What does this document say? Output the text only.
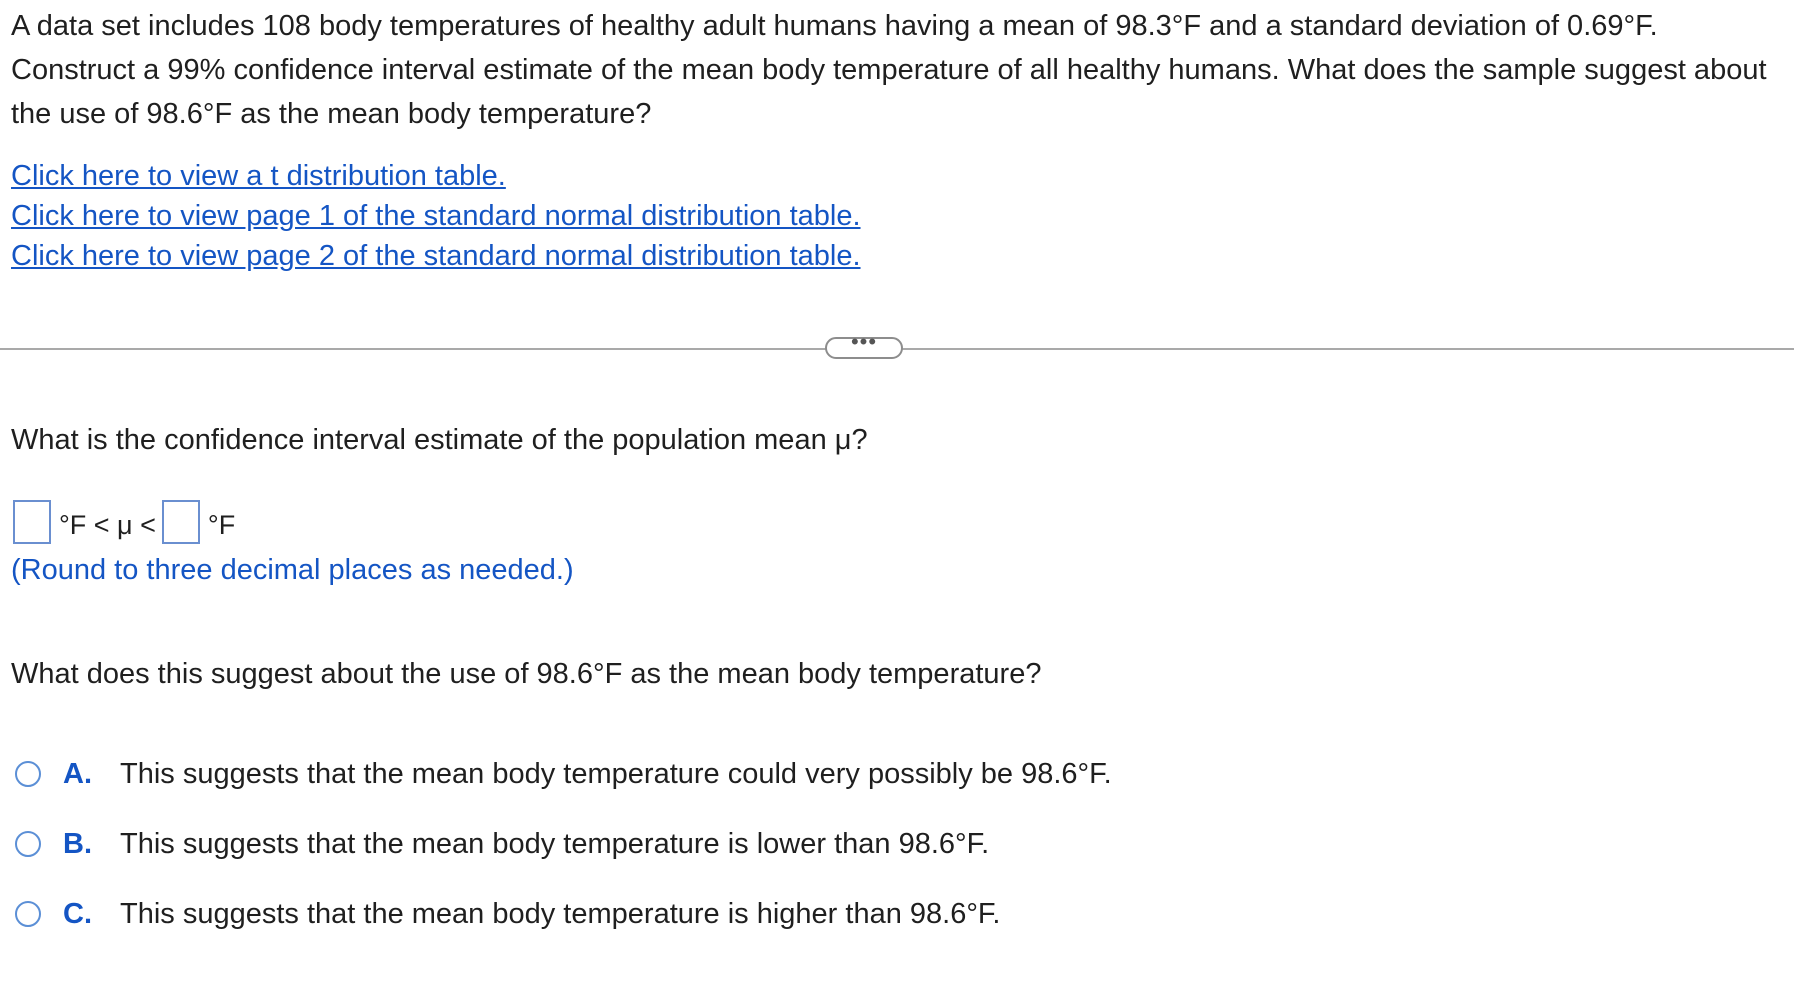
A data set includes 108 body temperatures of healthy adult humans having a mean of 98.3°F and a standard deviation of 0.69°F. Construct a 99% confidence interval estimate of the mean body temperature of all healthy humans. What does the sample suggest about the use of 98.6°F as the mean body temperature?

Click here to view a t distribution table.
Click here to view page 1 of the standard normal distribution table.
Click here to view page 2 of the standard normal distribution table.
•••

What is the confidence interval estimate of the population mean μ?

°F < μ < °F

(Round to three decimal places as needed.)

What does this suggest about the use of 98.6°F as the mean body temperature?

A. This suggests that the mean body temperature could very possibly be 98.6°F.
B. This suggests that the mean body temperature is lower than 98.6°F.
C. This suggests that the mean body temperature is higher than 98.6°F.
